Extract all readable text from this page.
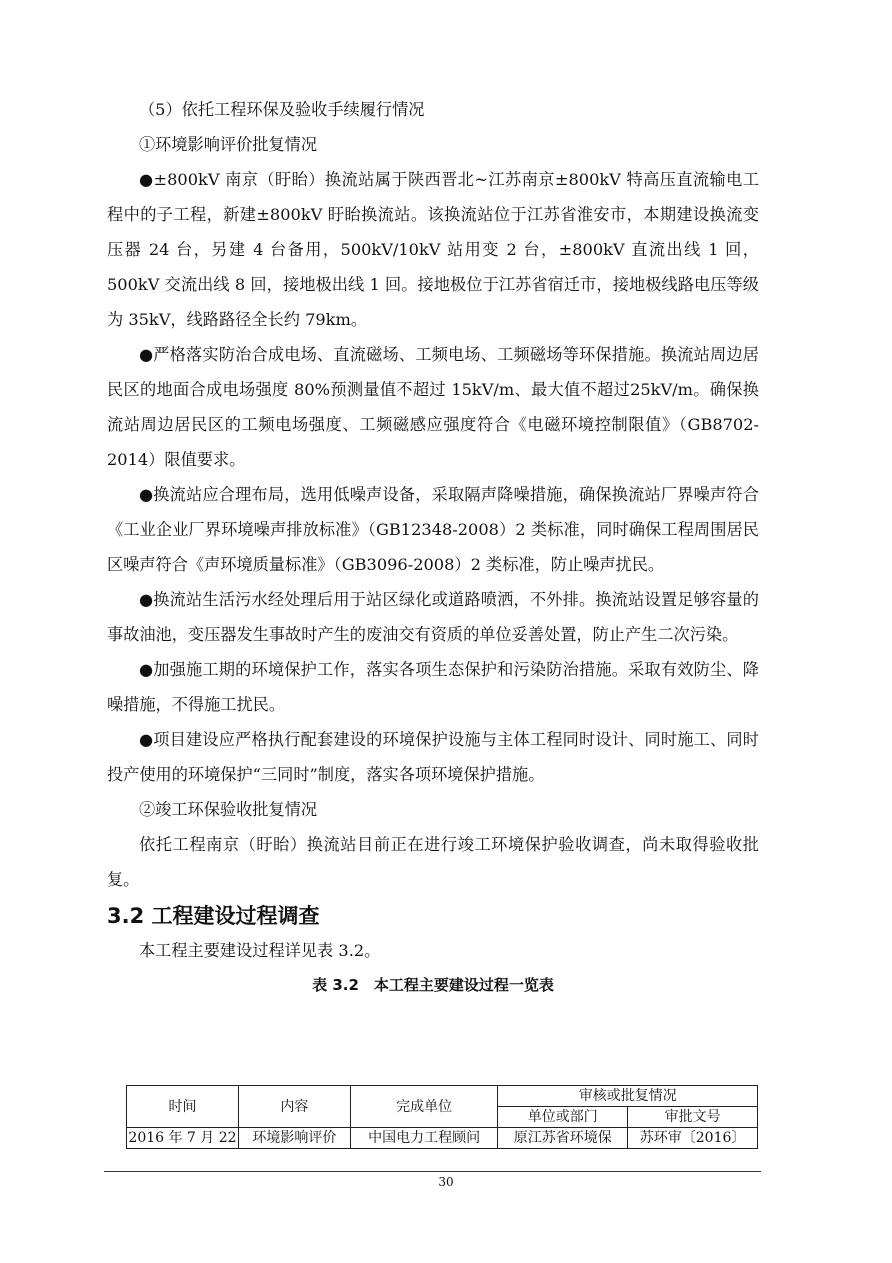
（5）依托工程环保及验收手续履行情况

①环境影响评价批复情况

●±800kV 南京（盱眙）换流站属于陕西晋北~江苏南京±800kV 特高压直流输电工程中的子工程，新建±800kV 盱眙换流站。该换流站位于江苏省淮安市，本期建设换流变压器 24 台，另建 4 台备用，500kV/10kV 站用变 2 台，±800kV 直流出线 1 回，500kV 交流出线 8 回，接地极出线 1 回。接地极位于江苏省宿迁市，接地极线路电压等级为 35kV，线路路径全长约 79km。

●严格落实防治合成电场、直流磁场、工频电场、工频磁场等环保措施。换流站周边居民区的地面合成电场强度 80%预测量值不超过 15kV/m、最大值不超过25kV/m。确保换流站周边居民区的工频电场强度、工频磁感应强度符合《电磁环境控制限值》（GB8702-2014）限值要求。

●换流站应合理布局，选用低噪声设备，采取隔声降噪措施，确保换流站厂界噪声符合《工业企业厂界环境噪声排放标准》（GB12348-2008）2 类标准，同时确保工程周围居民区噪声符合《声环境质量标准》（GB3096-2008）2 类标准，防止噪声扰民。

●换流站生活污水经处理后用于站区绿化或道路喷洒，不外排。换流站设置足够容量的事故油池，变压器发生事故时产生的废油交有资质的单位妥善处置，防止产生二次污染。

●加强施工期的环境保护工作，落实各项生态保护和污染防治措施。采取有效防尘、降噪措施，不得施工扰民。

●项目建设应严格执行配套建设的环境保护设施与主体工程同时设计、同时施工、同时投产使用的环境保护“三同时”制度，落实各项环境保护措施。

②竣工环保验收批复情况

依托工程南京（盱眙）换流站目前正在进行竣工环境保护验收调查，尚未取得验收批复。

3.2 工程建设过程调查

本工程主要建设过程详见表 3.2。

表 3.2　本工程主要建设过程一览表
时间	内容	完成单位	审核或批复情况	
			单位或部门	审批文号
2016 年 7 月 22	环境影响评价	中国电力工程顾问	原江苏省环境保	苏环审〔2016〕
30
